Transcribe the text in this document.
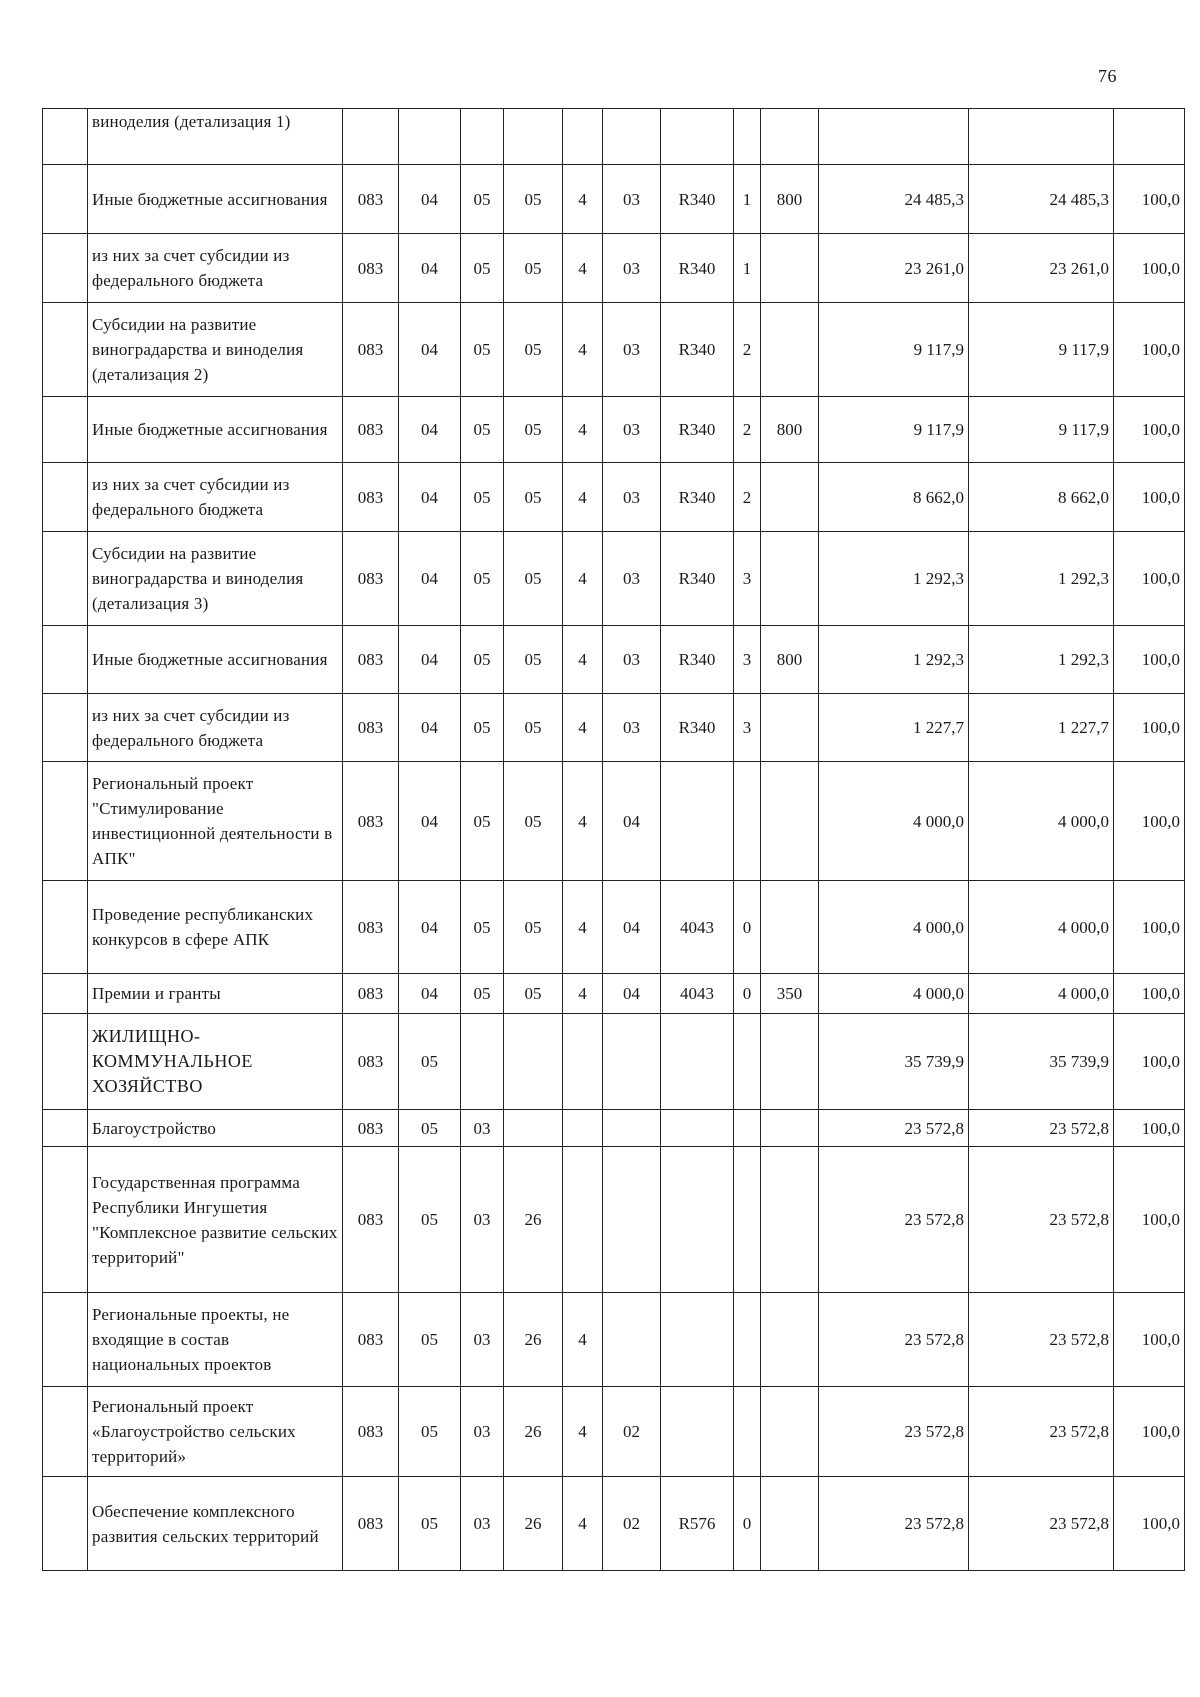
76
	виноделия (детализация 1)												
	Иные бюджетные ассигнования	083	04	05	05	4	03	R340	1	800	24 485,3	24 485,3	100,0
	из них за счет субсидии из федерального бюджета	083	04	05	05	4	03	R340	1		23 261,0	23 261,0	100,0
	Субсидии на развитие виноградарства и виноделия (детализация 2)	083	04	05	05	4	03	R340	2		9 117,9	9 117,9	100,0
	Иные бюджетные ассигнования	083	04	05	05	4	03	R340	2	800	9 117,9	9 117,9	100,0
	из них за счет субсидии из федерального бюджета	083	04	05	05	4	03	R340	2		8 662,0	8 662,0	100,0
	Субсидии на развитие виноградарства и виноделия (детализация 3)	083	04	05	05	4	03	R340	3		1 292,3	1 292,3	100,0
	Иные бюджетные ассигнования	083	04	05	05	4	03	R340	3	800	1 292,3	1 292,3	100,0
	из них за счет субсидии из федерального бюджета	083	04	05	05	4	03	R340	3		1 227,7	1 227,7	100,0
	Региональный проект "Стимулирование инвестиционной деятельности в АПК"	083	04	05	05	4	04				4 000,0	4 000,0	100,0
	Проведение республиканских конкурсов в сфере АПК	083	04	05	05	4	04	4043	0		4 000,0	4 000,0	100,0
	Премии и гранты	083	04	05	05	4	04	4043	0	350	4 000,0	4 000,0	100,0
	ЖИЛИЩНО-КОММУНАЛЬНОЕ ХОЗЯЙСТВО	083	05								35 739,9	35 739,9	100,0
	Благоустройство	083	05	03							23 572,8	23 572,8	100,0
	Государственная программа Республики Ингушетия "Комплексное развитие сельских территорий"	083	05	03	26						23 572,8	23 572,8	100,0
	Региональные проекты, не входящие в состав национальных проектов	083	05	03	26	4					23 572,8	23 572,8	100,0
	Региональный проект «Благоустройство сельских территорий»	083	05	03	26	4	02				23 572,8	23 572,8	100,0
	Обеспечение комплексного развития сельских территорий	083	05	03	26	4	02	R576	0		23 572,8	23 572,8	100,0
